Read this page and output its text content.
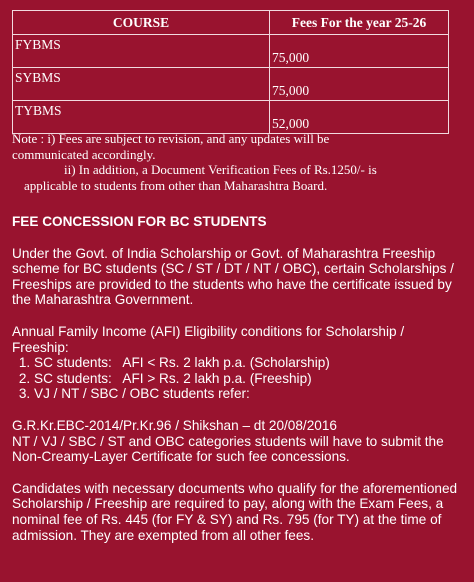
COURSE	Fees For the year 25-26
FYBMS	75,000
SYBMS	75,000
TYBMS	52,000

Note : i) Fees are subject to revision, and any updates will be

communicated accordingly.

ii) In addition, a Document Verification Fees of Rs.1250/- is

applicable to students from other than Maharashtra Board.

FEE CONCESSION FOR BC STUDENTS

Under the Govt. of India Scholarship or Govt. of Maharashtra Freeship scheme for BC students (SC / ST / DT / NT / OBC), certain Scholarships / Freeships are provided to the students who have the certificate issued by the Maharashtra Government.

Annual Family Income (AFI) Eligibility conditions for Scholarship / Freeship:
1. SC students:   AFI < Rs. 2 lakh p.a. (Scholarship)
2. SC students:   AFI > Rs. 2 lakh p.a. (Freeship)
3. VJ / NT / SBC / OBC students refer:
G.R.Kr.EBC-2014/Pr.Kr.96 / Shikshan – dt 20/08/2016
NT / VJ / SBC / ST and OBC categories students will have to submit the Non-Creamy-Layer Certificate for such fee concessions.

Candidates with necessary documents who qualify for the aforementioned Scholarship / Freeship are required to pay, along with the Exam Fees, a nominal fee of Rs. 445 (for FY & SY) and Rs. 795 (for TY) at the time of admission. They are exempted from all other fees.
